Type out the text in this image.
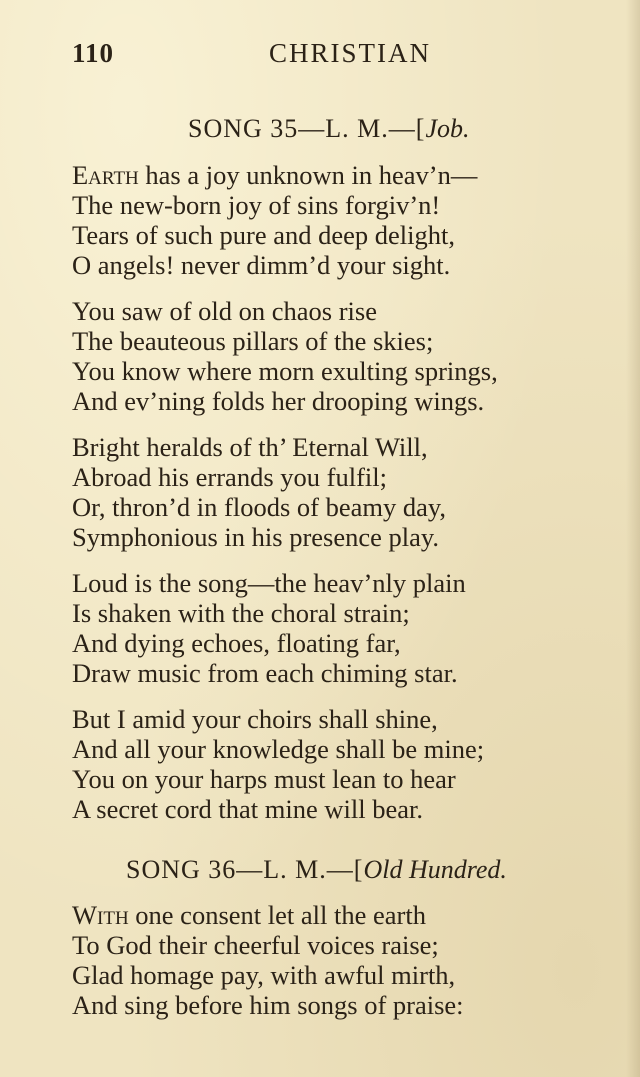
110	CHRISTIAN
SONG 35—L. M.—[Job.
Earth has a joy unknown in heav’n—
The new-born joy of sins forgiv’n!
Tears of such pure and deep delight,
O angels! never dimm’d your sight.
You saw of old on chaos rise
The beauteous pillars of the skies;
You know where morn exulting springs,
And ev’ning folds her drooping wings.
Bright heralds of th’ Eternal Will,
Abroad his errands you fulfil;
Or, thron’d in floods of beamy day,
Symphonious in his presence play.
Loud is the song—the heav’nly plain
Is shaken with the choral strain;
And dying echoes, floating far,
Draw music from each chiming star.
But I amid your choirs shall shine,
And all your knowledge shall be mine;
You on your harps must lean to hear
A secret cord that mine will bear.
SONG 36—L. M.—[Old Hundred.
With one consent let all the earth
To God their cheerful voices raise;
Glad homage pay, with awful mirth,
And sing before him songs of praise:
